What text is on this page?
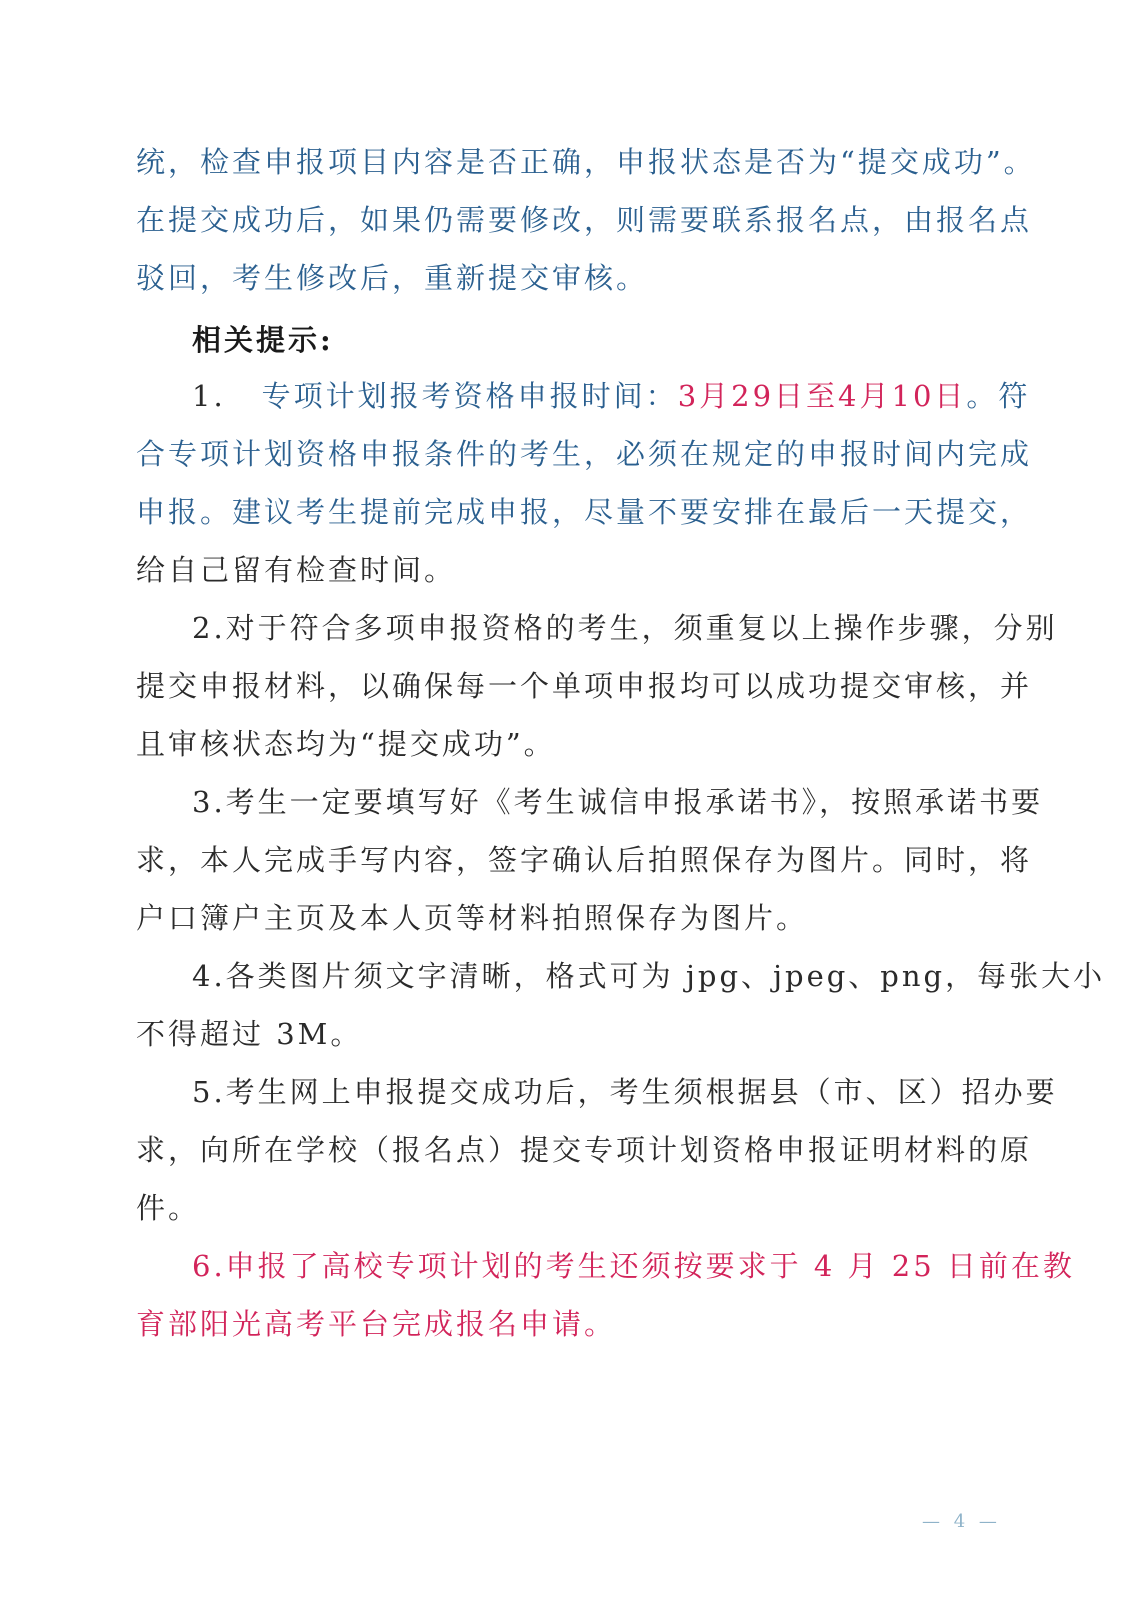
统，检查申报项目内容是否正确，申报状态是否为“提交成功”。
在提交成功后，如果仍需要修改，则需要联系报名点，由报名点
驳回，考生修改后，重新提交审核。
相关提示:
1. 专项计划报考资格申报时间：3月29日至4月10日。符
合专项计划资格申报条件的考生，必须在规定的申报时间内完成
申报。建议考生提前完成申报，尽量不要安排在最后一天提交，
给自己留有检查时间。
2.对于符合多项申报资格的考生，须重复以上操作步骤，分别
提交申报材料，以确保每一个单项申报均可以成功提交审核，并
且审核状态均为“提交成功”。
3.考生一定要填写好《考生诚信申报承诺书》，按照承诺书要
求，本人完成手写内容，签字确认后拍照保存为图片。同时，将
户口簿户主页及本人页等材料拍照保存为图片。
4.各类图片须文字清晰，格式可为 jpg、jpeg、png，每张大小
不得超过 3M。
5.考生网上申报提交成功后，考生须根据县（市、区）招办要
求，向所在学校（报名点）提交专项计划资格申报证明材料的原
件。
6.申报了高校专项计划的考生还须按要求于 4 月 25 日前在教
育部阳光高考平台完成报名申请。
— 4 —
